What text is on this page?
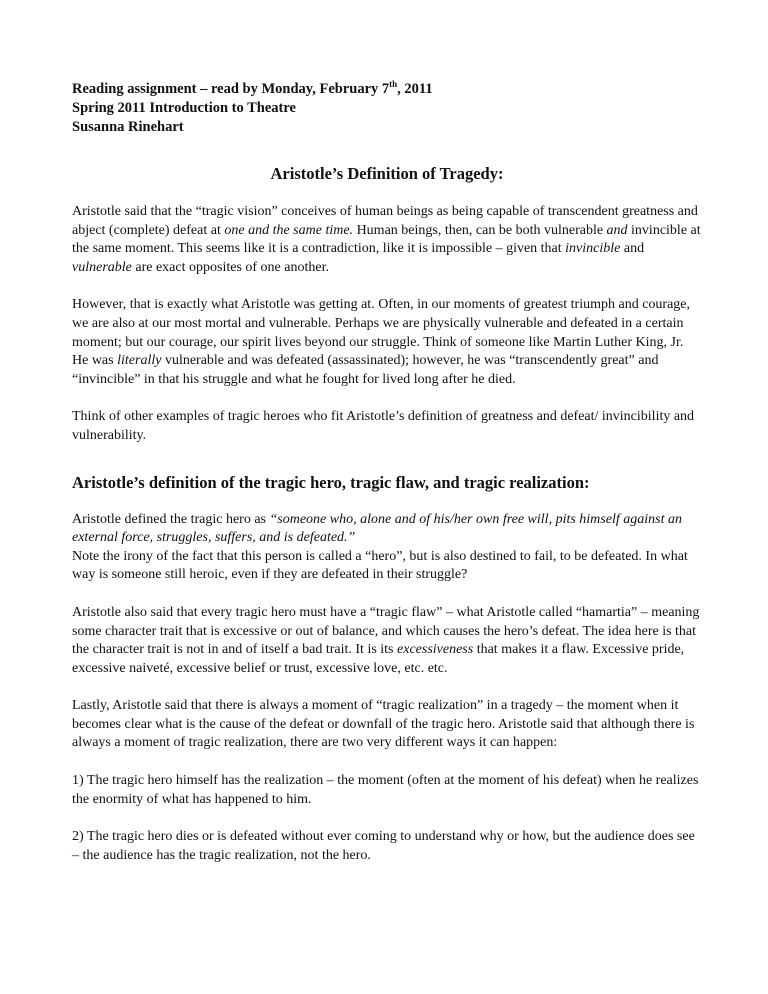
Reading assignment – read by Monday, February 7th, 2011

Spring 2011 Introduction to Theatre

Susanna Rinehart

Aristotle’s Definition of Tragedy:

Aristotle said that the “tragic vision” conceives of human beings as being capable of transcendent greatness and abject (complete) defeat at one and the same time. Human beings, then, can be both vulnerable and invincible at the same moment. This seems like it is a contradiction, like it is impossible – given that invincible and vulnerable are exact opposites of one another.

However, that is exactly what Aristotle was getting at. Often, in our moments of greatest triumph and courage, we are also at our most mortal and vulnerable. Perhaps we are physically vulnerable and defeated in a certain moment; but our courage, our spirit lives beyond our struggle. Think of someone like Martin Luther King, Jr. He was literally vulnerable and was defeated (assassinated); however, he was “transcendently great” and “invincible” in that his struggle and what he fought for lived long after he died.

Think of other examples of tragic heroes who fit Aristotle’s definition of greatness and defeat/ invincibility and vulnerability.

Aristotle’s definition of the tragic hero, tragic flaw, and tragic realization:

Aristotle defined the tragic hero as “someone who, alone and of his/her own free will, pits himself against an external force, struggles, suffers, and is defeated.”
Note the irony of the fact that this person is called a “hero”, but is also destined to fail, to be defeated. In what way is someone still heroic, even if they are defeated in their struggle?

Aristotle also said that every tragic hero must have a “tragic flaw” – what Aristotle called “hamartia” – meaning some character trait that is excessive or out of balance, and which causes the hero’s defeat. The idea here is that the character trait is not in and of itself a bad trait. It is its excessiveness that makes it a flaw. Excessive pride, excessive naiveté, excessive belief or trust, excessive love, etc. etc.

Lastly, Aristotle said that there is always a moment of “tragic realization” in a tragedy – the moment when it becomes clear what is the cause of the defeat or downfall of the tragic hero. Aristotle said that although there is always a moment of tragic realization, there are two very different ways it can happen:

1) The tragic hero himself has the realization – the moment (often at the moment of his defeat) when he realizes the enormity of what has happened to him.

2) The tragic hero dies or is defeated without ever coming to understand why or how, but the audience does see – the audience has the tragic realization, not the hero.
